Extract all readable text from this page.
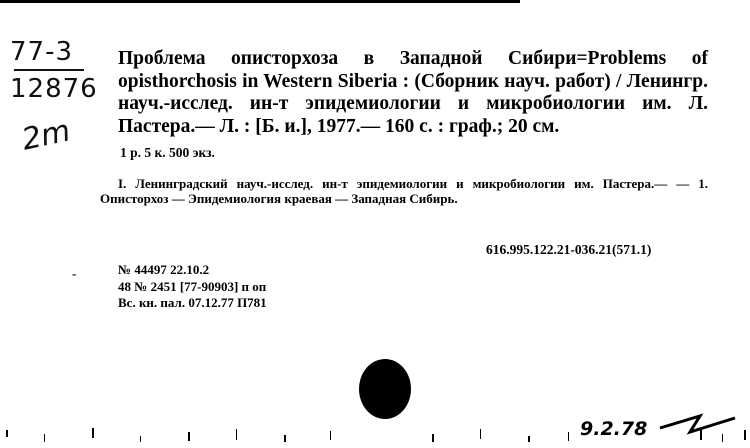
77-3
12876
2m
Проблема описторхоза в Западной Сибири=Problems of opisthorchosis in Western Siberia : (Сборник науч. работ) / Ленингр. науч.-исслед. ин-т эпидемиологии и микробиологии им. Л. Пастера.— Л. : [Б. и.], 1977.— 160 с. : граф.; 20 см.
1 р. 5 к. 500 экз.
I. Ленинградский науч.-исслед. ин-т эпидемиологии и микробиологии им. Пастера.— — 1. Описторхоз — Эпидемиология краевая — Западная Сибирь.
616.995.122.21-036.21(571.1)
-	№ 44497 22.10.2
48 № 2451 [77-90903] п оп
Вс. кн. пал. 07.12.77 П781
9.2.78
